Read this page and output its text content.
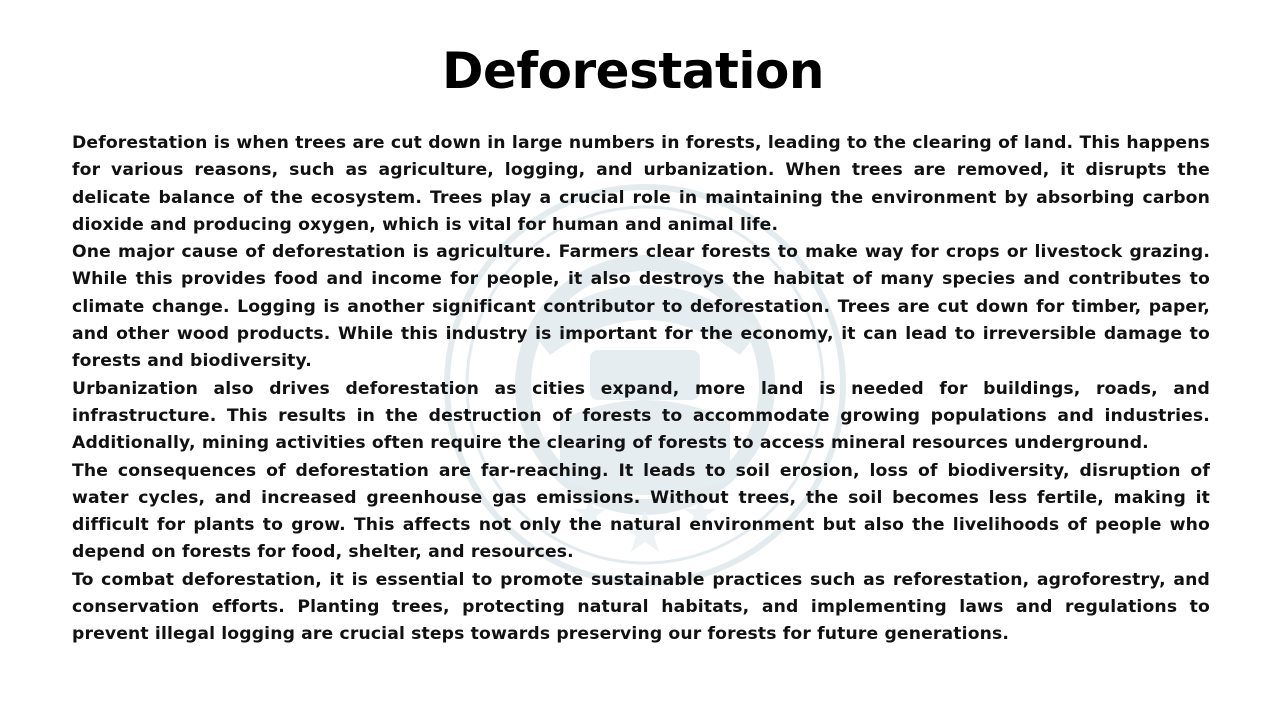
Deforestation

Deforestation is when trees are cut down in large numbers in forests, leading to the clearing of land. This happens for various reasons, such as agriculture, logging, and urbanization. When trees are removed, it disrupts the delicate balance of the ecosystem. Trees play a crucial role in maintaining the environment by absorbing carbon dioxide and producing oxygen, which is vital for human and animal life.

One major cause of deforestation is agriculture. Farmers clear forests to make way for crops or livestock grazing. While this provides food and income for people, it also destroys the habitat of many species and contributes to climate change. Logging is another significant contributor to deforestation. Trees are cut down for timber, paper, and other wood products. While this industry is important for the economy, it can lead to irreversible damage to forests and biodiversity.

Urbanization also drives deforestation as cities expand, more land is needed for buildings, roads, and infrastructure. This results in the destruction of forests to accommodate growing populations and industries. Additionally, mining activities often require the clearing of forests to access mineral resources underground.

The consequences of deforestation are far-reaching. It leads to soil erosion, loss of biodiversity, disruption of water cycles, and increased greenhouse gas emissions. Without trees, the soil becomes less fertile, making it difficult for plants to grow. This affects not only the natural environment but also the livelihoods of people who depend on forests for food, shelter, and resources.

To combat deforestation, it is essential to promote sustainable practices such as reforestation, agroforestry, and conservation efforts. Planting trees, protecting natural habitats, and implementing laws and regulations to prevent illegal logging are crucial steps towards preserving our forests for future generations.
